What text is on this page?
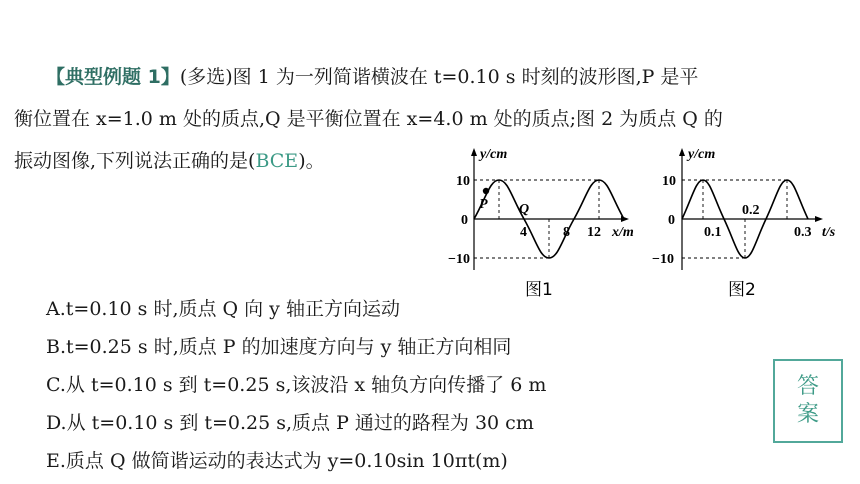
【典型例题 1】(多选)图 1 为一列简谐横波在 t=0.10 s 时刻的波形图,P 是平
衡位置在 x=1.0 m 处的质点,Q 是平衡位置在 x=4.0 m 处的质点;图 2 为质点 Q 的
振动图像,下列说法正确的是(BCE)。
P Q
y/cm
x/m
10
0
−10
4	8 12
图1
y/cm
t/s
10
0
−10
0.1
0.2
0.3
图2
A.t=0.10 s 时,质点 Q 向 y 轴正方向运动
B.t=0.25 s 时,质点 P 的加速度方向与 y 轴正方向相同
C.从 t=0.10 s 到 t=0.25 s,该波沿 x 轴负方向传播了 6 m
D.从 t=0.10 s 到 t=0.25 s,质点 P 通过的路程为 30 cm
E.质点 Q 做简谐运动的表达式为 y=0.10sin 10πt(m)
答
案
